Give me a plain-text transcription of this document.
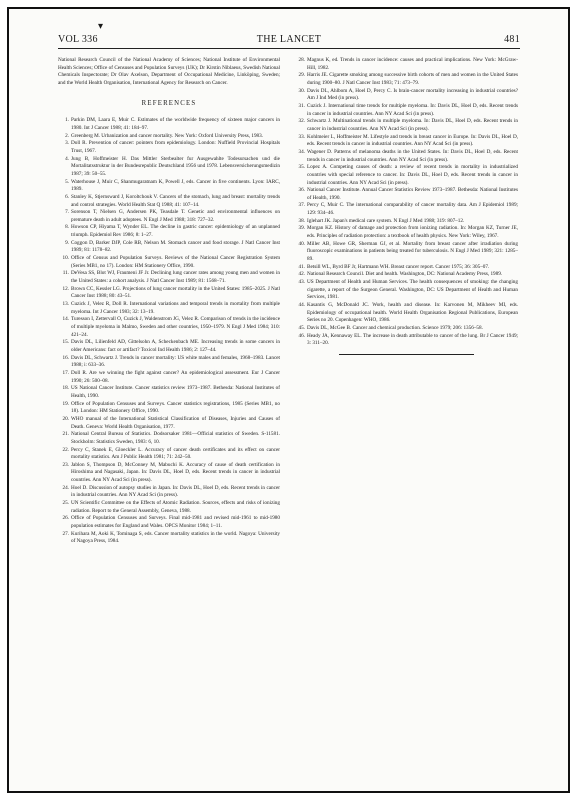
▾
VOL 336	THE LANCET	481

National Research Council of the National Academy of Sciences; National Institute of Environmental Health Sciences; Office of Censuses and Population Surveys (UK); Dr Kirstin Niblaeus, Swedish National Chemicals Inspectorate; Dr Olav Axelson, Department of Occupational Medicine, Linköping, Sweden; and the World Health Organisation, International Agency for Research on Cancer.

REFERENCES
1. Parkin DM, Laara E, Muir C. Estimates of the worldwide frequency of sixteen major cancers in 1980. Int J Cancer 1988; 41: 184–97.
2. Greenberg M. Urbanization and cancer mortality. New York: Oxford University Press, 1983.
3. Doll R. Prevention of cancer: pointers from epidemiology. London: Nuffield Provincial Hospitals Trust, 1967.
4. Jung B, Hoffmeister H. Das Mittler Sterbealter fur Ausgewahlte Todesursachen und die Mortalitatsstruktur in der Bundesrepublic Deutschland 1956 und 1978. Lebensversicherungsmedizin 1987; 39: 50–55.
5. Waterhouse J, Muir C, Shanmugaratnam K, Powell J, eds. Cancer in five continents. Lyon: IARC, 1989.
6. Stanley K, Stjernsward J, Koroltchouk V. Cancers of the stomach, lung and breast: mortality trends and control strategies. World Health Stat Q 1988; 41: 107–14.
7. Sorenson T, Nielsen G, Andersen PK, Teasdale T. Genetic and environmental influences on premature death in adult adoptees. N Engl J Med 1988; 318: 727–32.
8. Howson CP, Hiyama T, Wynder EL. The decline in gastric cancer: epidemiology of an unplanned triumph. Epidemiol Rev 1986; 8: 1–27.
9. Coggon D, Barker DJP, Cole RB, Nelson M. Stomach cancer and food storage. J Natl Cancer Inst 1989; 81: 1178–82.
10. Office of Census and Population Surveys. Reviews of the National Cancer Registration System (Series MB1, no 17). London: HM Stationery Office, 1990.
11. DeVesa SS, Blot WJ, Fraumeni JF Jr. Declining lung cancer rates among young men and women in the United States: a cohort analysis. J Natl Cancer Inst 1989; 81: 1568–71.
12. Brown CC, Kessler LG. Projections of lung cancer mortality in the United States: 1985–2025. J Natl Cancer Inst 1988; 80: 43–51.
13. Cuzick J, Velez R, Doll R. International variations and temporal trends in mortality from multiple myeloma. Int J Cancer 1983; 32: 13–19.
14. Turesson I, Zettervall O, Cuzick J, Waldenstrom JG, Velez R. Comparison of trends in the incidence of multiple myeloma in Malmo, Sweden and other countries, 1950–1979. N Engl J Med 1984; 310: 421–24.
15. Davis DL, Lilienfeld AD, Gittelsohn A, Scheckenbach ME. Increasing trends in some cancers in older Americans: fact or artifact? Toxicol Ind Health 1986; 2: 127–44.
16. Davis DL, Schwartz J. Trends in cancer mortality: US white males and females, 1968–1983. Lancet 1988; i: 633–36.
17. Doll R. Are we winning the fight against cancer? An epidemiological assessment. Eur J Cancer 1990; 26: 500–08.
18. US National Cancer Institute. Cancer statistics review 1973–1987. Bethesda: National Institutes of Health, 1990.
19. Office of Population Censuses and Surveys. Cancer statistics registrations, 1985 (Series MB1, no 18). London: HM Stationery Office, 1990.
20. WHO manual of the International Statistical Classification of Diseases, Injuries and Causes of Death. Geneva: World Health Organisation, 1977.
21. National Central Bureau of Statistics. Dodsorsaker 1981—Official statistics of Sweden. S-11581. Stockholm: Statistics Sweden, 1983: 6, 10.
22. Percy C, Stanek E, Gloeckler L. Accuracy of cancer death certificates and its effect on cancer mortality statistics. Am J Public Health 1981; 71: 242–50.
23. Jablon S, Thompson D, McConney M, Mabuchi K. Accuracy of cause of death certification in Hiroshima and Nagasaki, Japan. In: Davis DL, Hoel D, eds. Recent trends in cancer in industrial countries. Ann NY Acad Sci (in press).
24. Hoel D. Discussion of autopsy studies in Japan. In: Davis DL, Hoel D, eds. Recent trends in cancer in industrial countries. Ann NY Acad Sci (in press).
25. UN Scientific Committee on the Effects of Atomic Radiation. Sources, effects and risks of ionizing radiation. Report to the General Assembly, Geneva, 1988.
26. Office of Population Censuses and Surveys. Final mid-1981 and revised mid-1961 to mid-1980 population estimates for England and Wales. OPCS Monitor 1984; 1–11.
27. Kurihara M, Aoki K, Tominaga S, eds. Cancer mortality statistics in the world. Nagoya: University of Nagoya Press, 1984.
28. Magnus K, ed. Trends in cancer incidence: causes and practical implications. New York: McGraw-Hill, 1982.
29. Harris JE. Cigarette smoking among successive birth cohorts of men and women in the United States during 1900–80. J Natl Cancer Inst 1983; 71: 473–79.
30. Davis DL, Ahlbom A, Hoel D, Percy C. Is brain-cancer mortality increasing in industrial countries? Am J Ind Med (in press).
31. Cuzick J. International time trends for multiple myeloma. In: Davis DL, Hoel D, eds. Recent trends in cancer in industrial countries. Ann NY Acad Sci (in press).
32. Schwartz J. Multinational trends in multiple myeloma. In: Davis DL, Hoel D, eds. Recent trends in cancer in industrial countries. Ann NY Acad Sci (in press).
33. Kohlmeier L, Hoffmeister M. Lifestyle and trends in breast cancer in Europe. In: Davis DL, Hoel D, eds. Recent trends in cancer in industrial countries. Ann NY Acad Sci (in press).
34. Wagener D. Patterns of melanoma deaths in the United States. In: Davis DL, Hoel D, eds. Recent trends in cancer in industrial countries. Ann NY Acad Sci (in press).
35. Lopez A. Competing causes of death: a review of recent trends in mortality in industrialized countries with special reference to cancer. In: Davis DL, Hoel D, eds. Recent trends in cancer in industrial countries. Ann NY Acad Sci (in press).
36. National Cancer Institute. Annual Cancer Statistics Review 1973–1987. Bethesda: National Institutes of Health, 1990.
37. Percy C, Muir C. The international comparability of cancer mortality data. Am J Epidemiol 1989; 129: 934–46.
38. Iglehart JK. Japan's medical care system. N Engl J Med 1988; 319: 807–12.
39. Morgan KZ. History of damage and protection from ionizing radiation. In: Morgan KZ, Turner JE, eds. Principles of radiation protection: a textbook of health physics. New York: Wiley, 1967.
40. Miller AB, Howe GR, Sherman GJ, et al. Mortality from breast cancer after irradiation during fluoroscopic examinations in patients being treated for tuberculosis. N Engl J Med 1989; 321: 1285–89.
41. Betsill WL, Byrd BF Jr, Hartmann WH. Breast cancer report. Cancer 1975; 36: 305–07.
42. National Research Council. Diet and health. Washington, DC: National Academy Press, 1989.
43. US Department of Health and Human Services. The health consequences of smoking: the changing cigarette, a report of the Surgeon General. Washington, DC: US Department of Health and Human Services, 1981.
44. Kasantis G, McDonald JC. Work, health and disease. In: Karvonen M, Mikheev MI, eds. Epidemiology of occupational health. World Health Organisation Regional Publications, European Series no 20. Copenhagen: WHO, 1986.
45. Davis DL, McGee B. Cancer and chemical production. Science 1979; 206: 1356–58.
46. Heady JA, Kennaway EL. The increase in death attributable to cancer of the lung. Br J Cancer 1949; 3: 311–20.
